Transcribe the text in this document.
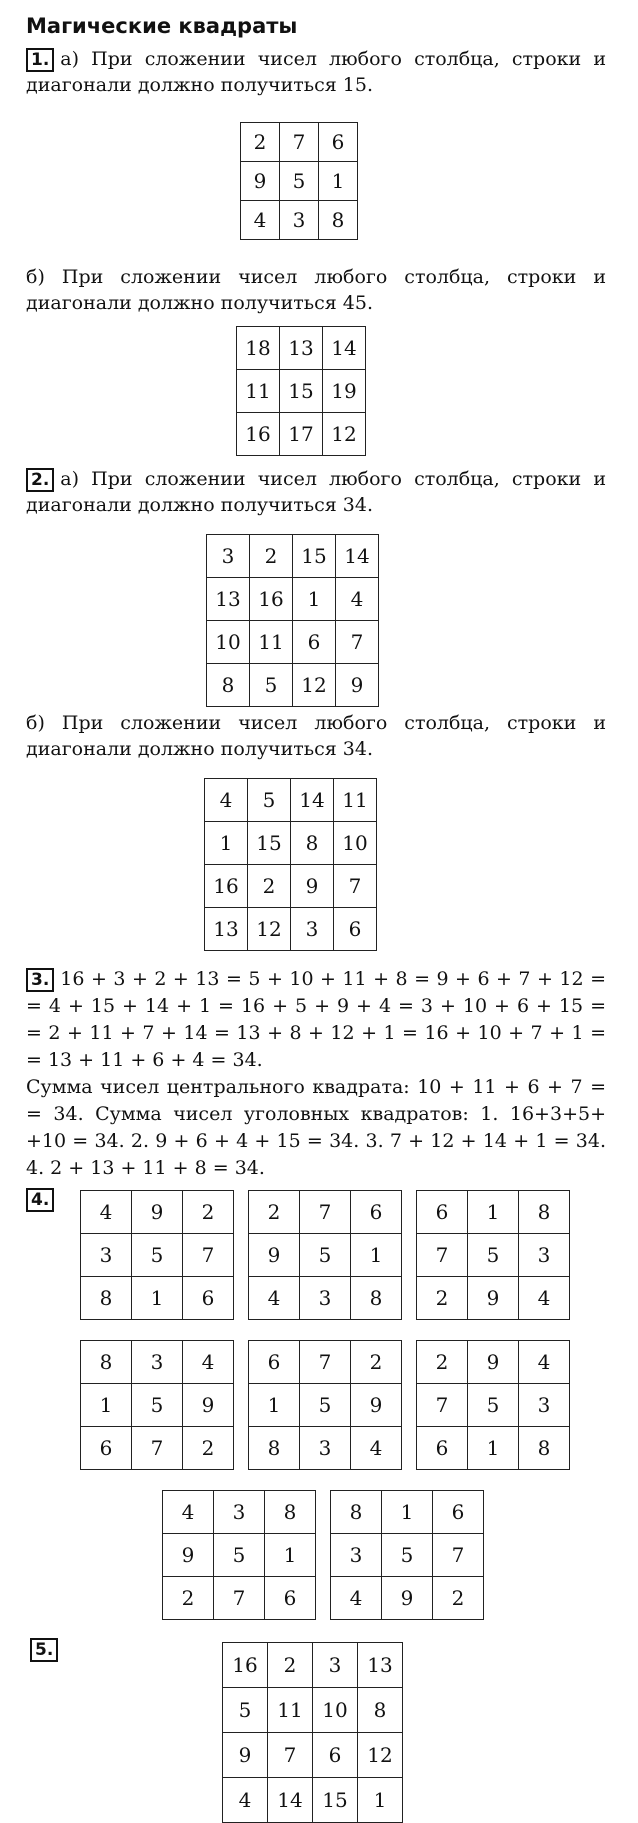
Магические квадраты
1. а) При сложении чисел любого столбца, строки и
диагонали должно получиться 15.
2	7	6
9	5	1
4	3	8
б) При сложении чисел любого столбца, строки и
диагонали должно получиться 45.
18	13	14
11	15	19
16	17	12
2. а) При сложении чисел любого столбца, строки и
диагонали должно получиться 34.
3	2	15	14
13	16	1	4
10	11	6	7
8	5	12	9
б) При сложении чисел любого столбца, строки и
диагонали должно получиться 34.
4	5	14	11
1	15	8	10
16	2	9	7
13	12	3	6
3. 16 + 3 + 2 + 13 = 5 + 10 + 11 + 8 = 9 + 6 + 7 + 12 =
= 4 + 15 + 14 + 1 = 16 + 5 + 9 + 4 = 3 + 10 + 6 + 15 =
= 2 + 11 + 7 + 14 = 13 + 8 + 12 + 1 = 16 + 10 + 7 + 1 =
= 13 + 11 + 6 + 4 = 34.
Сумма чисел центрального квадрата: 10 + 11 + 6 + 7 =
= 34. Сумма чисел уголовных квадратов: 1. 16+3+5+
+10 = 34. 2. 9 + 6 + 4 + 15 = 34. 3. 7 + 12 + 14 + 1 = 34.
4. 2 + 13 + 11 + 8 = 34.
4.	4	9	2
3	5	7
8	1	6
2	7	6
9	5	1
4	3	8
6	1	8
7	5	3
2	9	4
8	3	4
1	5	9
6	7	2
6	7	2
1	5	9
8	3	4
2	9	4
7	5	3
6	1	8
4	3	8
9	5	1
2	7	6
8	1	6
3	5	7
4	9	2
5.
16	2	3	13
5	11	10	8
9	7	6	12
4	14	15	1
